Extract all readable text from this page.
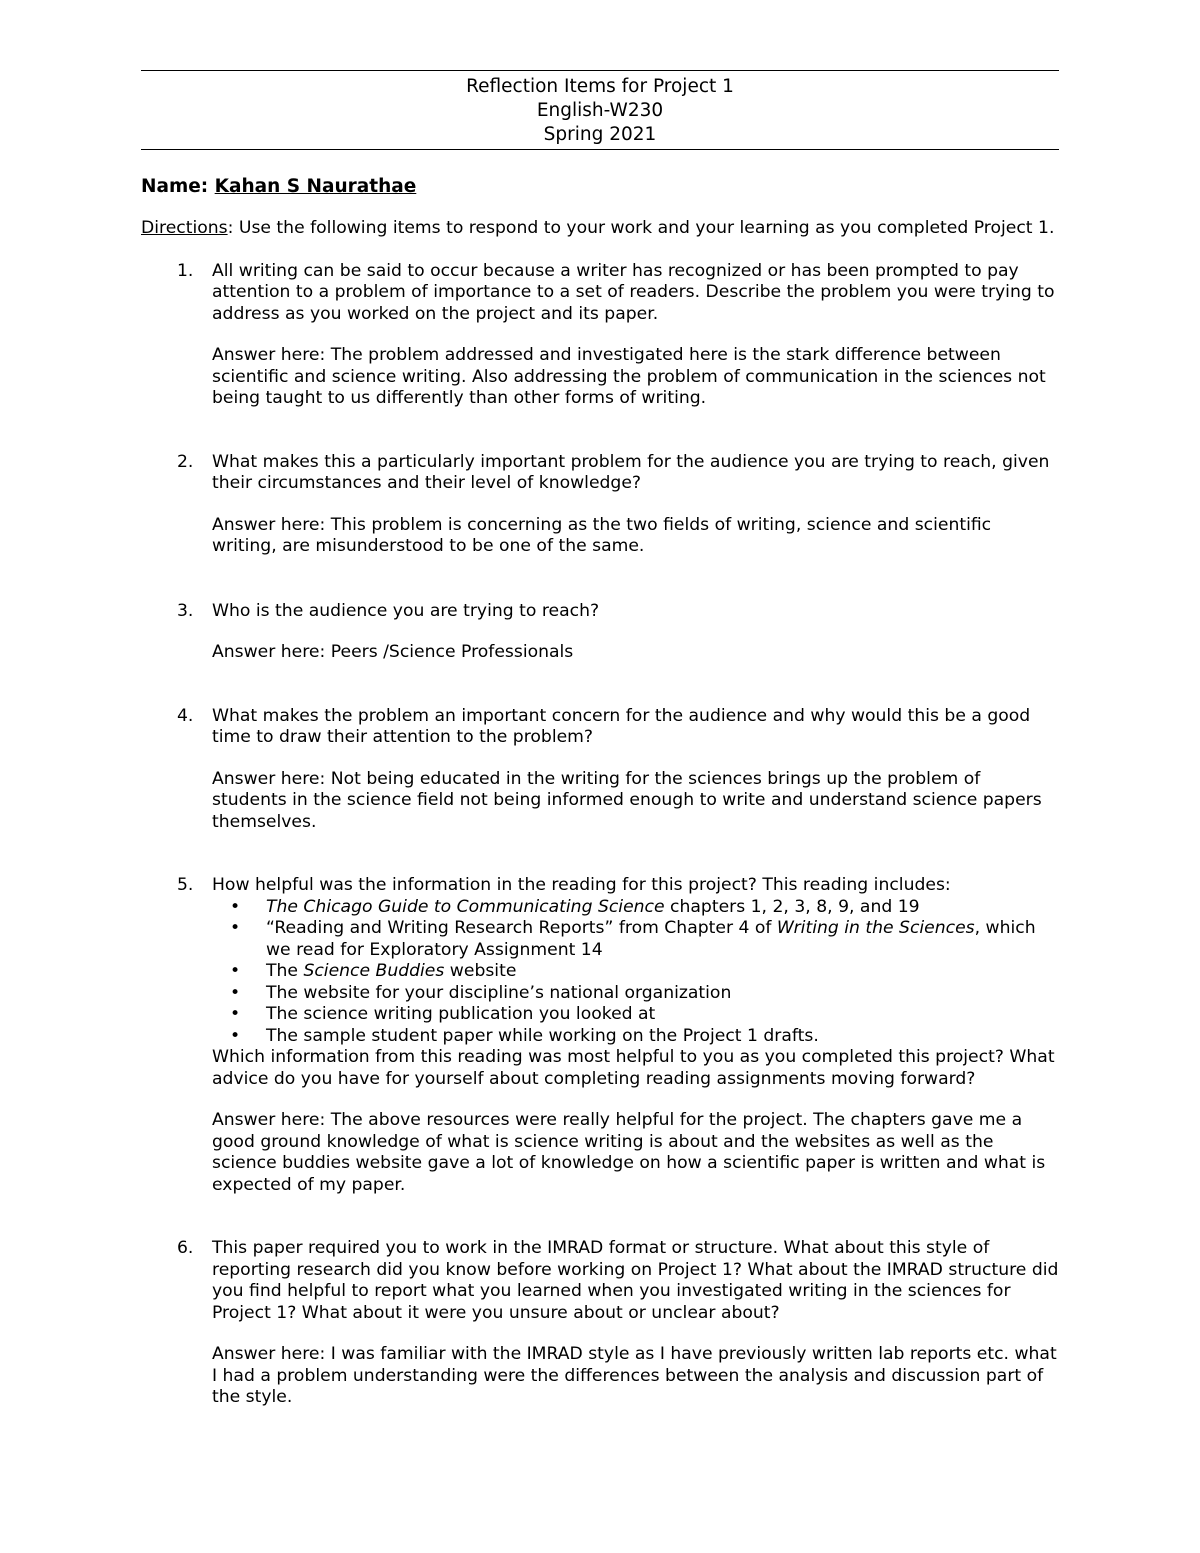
Reflection Items for Project 1
English-W230
Spring 2021
Name: Kahan S Naurathae
Directions: Use the following items to respond to your work and your learning as you completed Project 1.
1. All writing can be said to occur because a writer has recognized or has been prompted to pay attention to a problem of importance to a set of readers. Describe the problem you were trying to address as you worked on the project and its paper.
Answer here: The problem addressed and investigated here is the stark difference between scientific and science writing. Also addressing the problem of communication in the sciences not being taught to us differently than other forms of writing.
2. What makes this a particularly important problem for the audience you are trying to reach, given their circumstances and their level of knowledge?
Answer here: This problem is concerning as the two fields of writing, science and scientific writing, are misunderstood to be one of the same.
3. Who is the audience you are trying to reach?
Answer here: Peers /Science Professionals
4. What makes the problem an important concern for the audience and why would this be a good time to draw their attention to the problem?
Answer here: Not being educated in the writing for the sciences brings up the problem of students in the science field not being informed enough to write and understand science papers themselves.
5. How helpful was the information in the reading for this project? This reading includes:
• The Chicago Guide to Communicating Science chapters 1, 2, 3, 8, 9, and 19
• “Reading and Writing Research Reports” from Chapter 4 of Writing in the Sciences, which we read for Exploratory Assignment 14
• The Science Buddies website
• The website for your discipline’s national organization
• The science writing publication you looked at
• The sample student paper while working on the Project 1 drafts.
Which information from this reading was most helpful to you as you completed this project? What advice do you have for yourself about completing reading assignments moving forward?
Answer here: The above resources were really helpful for the project. The chapters gave me a good ground knowledge of what is science writing is about and the websites as well as the science buddies website gave a lot of knowledge on how a scientific paper is written and what is expected of my paper.
6. This paper required you to work in the IMRAD format or structure. What about this style of reporting research did you know before working on Project 1? What about the IMRAD structure did you find helpful to report what you learned when you investigated writing in the sciences for Project 1? What about it were you unsure about or unclear about?
Answer here: I was familiar with the IMRAD style as I have previously written lab reports etc. what I had a problem understanding were the differences between the analysis and discussion part of the style.
